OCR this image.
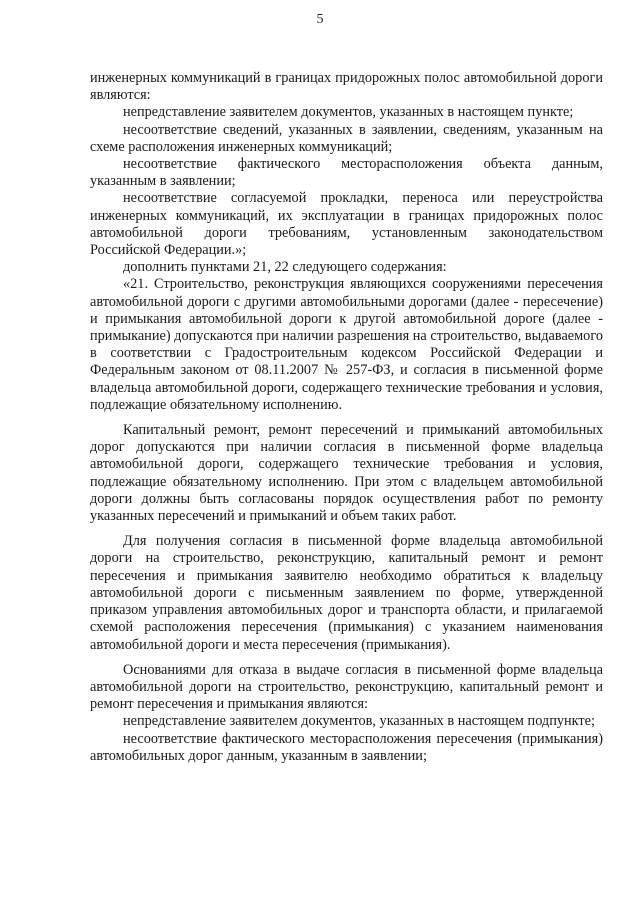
5

инженерных коммуникаций в границах придорожных полос автомобильной дороги являются:

непредставление заявителем документов, указанных в настоящем пункте;

несоответствие сведений, указанных в заявлении, сведениям, указанным на схеме расположения инженерных коммуникаций;

несоответствие фактического месторасположения объекта данным, указанным в заявлении;

несоответствие согласуемой прокладки, переноса или переустройства инженерных коммуникаций, их эксплуатации в границах придорожных полос автомобильной дороги требованиям, установленным законодательством Российской Федерации.»;

дополнить пунктами 21, 22 следующего содержания:

«21. Строительство, реконструкция являющихся сооружениями пересечения автомобильной дороги с другими автомобильными дорогами (далее - пересечение) и примыкания автомобильной дороги к другой автомобильной дороге (далее - примыкание) допускаются при наличии разрешения на строительство, выдаваемого в соответствии с Градостроительным кодексом Российской Федерации и Федеральным законом от 08.11.2007 № 257-ФЗ, и согласия в письменной форме владельца автомобильной дороги, содержащего технические требования и условия, подлежащие обязательному исполнению.

Капитальный ремонт, ремонт пересечений и примыканий автомобильных дорог допускаются при наличии согласия в письменной форме владельца автомобильной дороги, содержащего технические требования и условия, подлежащие обязательному исполнению. При этом с владельцем автомобильной дороги должны быть согласованы порядок осуществления работ по ремонту указанных пересечений и примыканий и объем таких работ.

Для получения согласия в письменной форме владельца автомобильной дороги на строительство, реконструкцию, капитальный ремонт и ремонт пересечения и примыкания заявителю необходимо обратиться к владельцу автомобильной дороги с письменным заявлением по форме, утвержденной приказом управления автомобильных дорог и транспорта области, и прилагаемой схемой расположения пересечения (примыкания) с указанием наименования автомобильной дороги и места пересечения (примыкания).

Основаниями для отказа в выдаче согласия в письменной форме владельца автомобильной дороги на строительство, реконструкцию, капитальный ремонт и ремонт пересечения и примыкания являются:

непредставление заявителем документов, указанных в настоящем подпункте;

несоответствие фактического месторасположения пересечения (примыкания) автомобильных дорог данным, указанным в заявлении;
